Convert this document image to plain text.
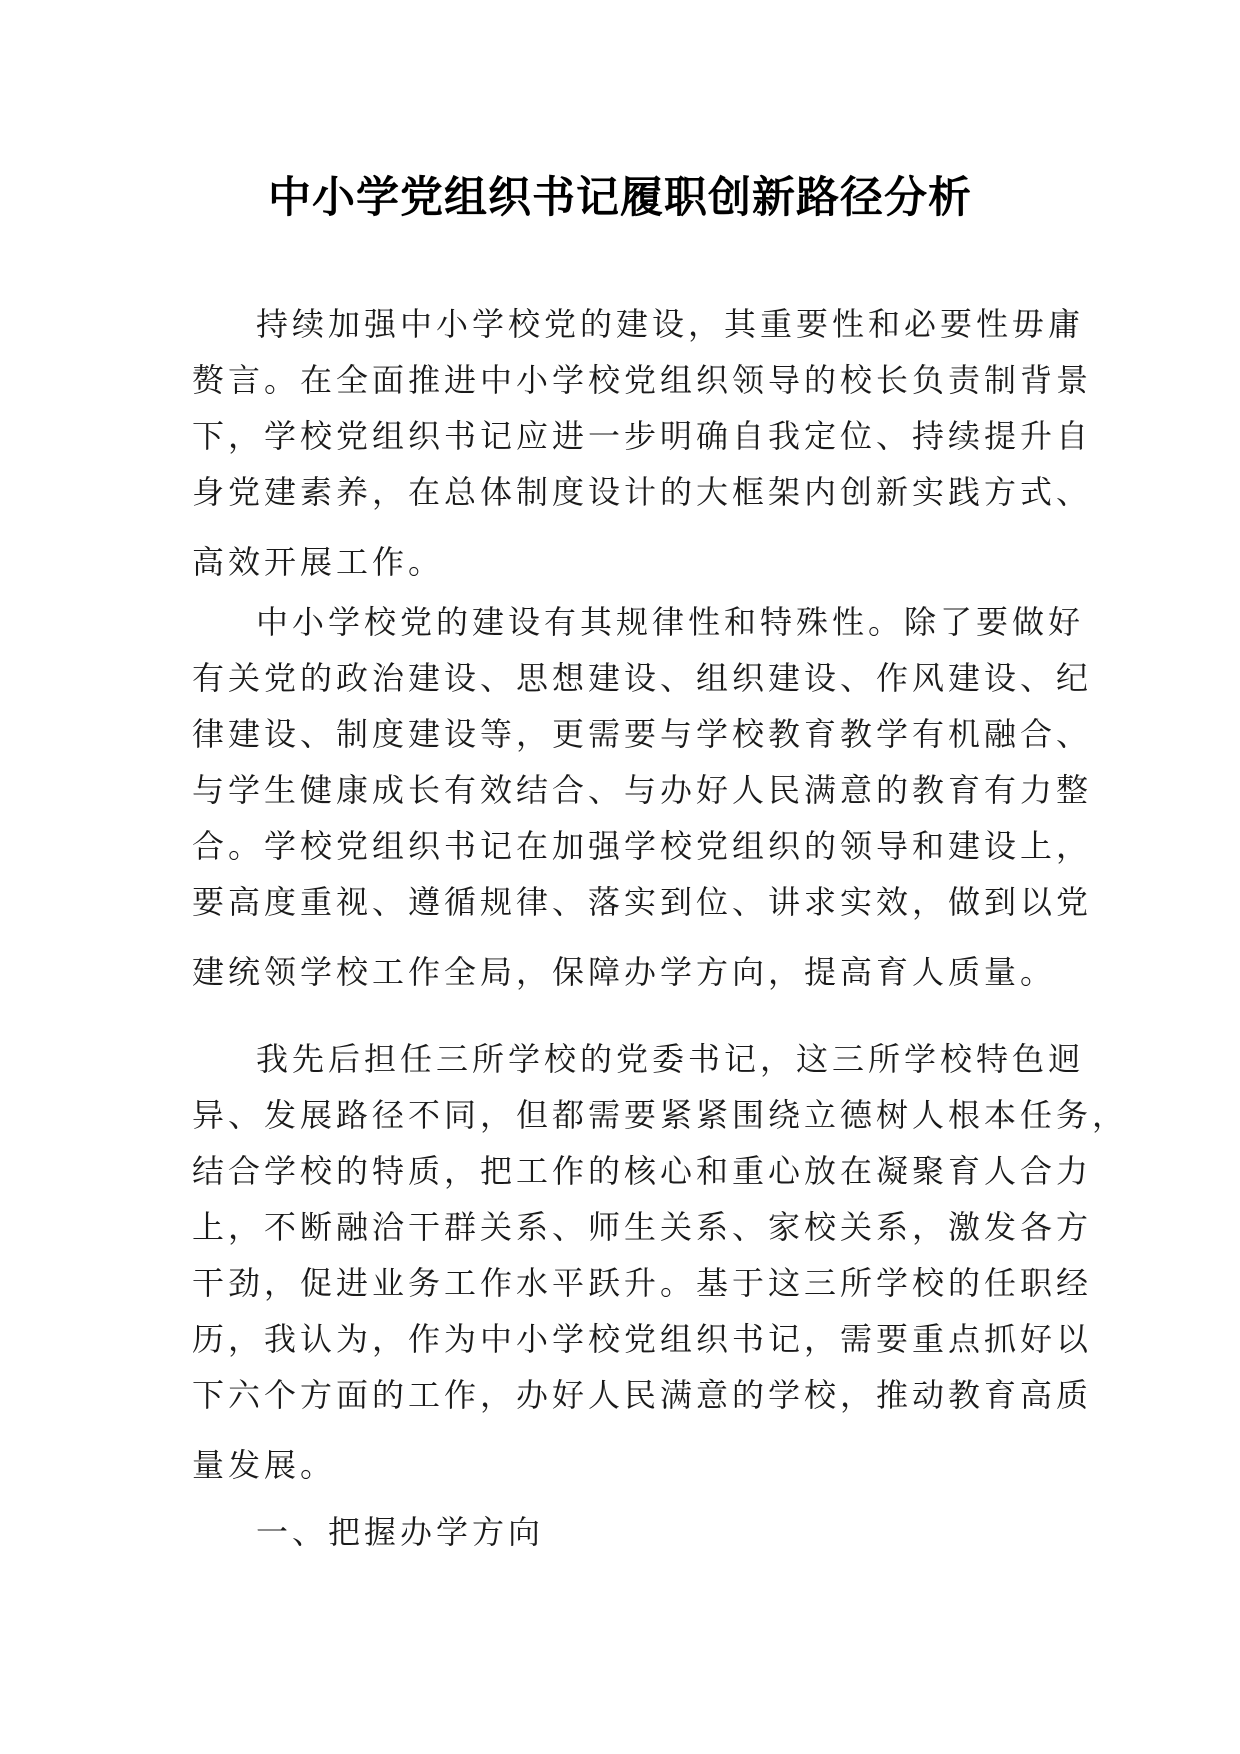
中小学党组织书记履职创新路径分析
持续加强中小学校党的建设，其重要性和必要性毋庸
赘言。在全面推进中小学校党组织领导的校长负责制背景
下，学校党组织书记应进一步明确自我定位、持续提升自
身党建素养，在总体制度设计的大框架内创新实践方式、
高效开展工作。
中小学校党的建设有其规律性和特殊性。除了要做好
有关党的政治建设、思想建设、组织建设、作风建设、纪
律建设、制度建设等，更需要与学校教育教学有机融合、
与学生健康成长有效结合、与办好人民满意的教育有力整
合。学校党组织书记在加强学校党组织的领导和建设上，
要高度重视、遵循规律、落实到位、讲求实效，做到以党
建统领学校工作全局，保障办学方向，提高育人质量。
我先后担任三所学校的党委书记，这三所学校特色迥
异、发展路径不同，但都需要紧紧围绕立德树人根本任务，
结合学校的特质，把工作的核心和重心放在凝聚育人合力
上，不断融洽干群关系、师生关系、家校关系，激发各方
干劲，促进业务工作水平跃升。基于这三所学校的任职经
历，我认为，作为中小学校党组织书记，需要重点抓好以
下六个方面的工作，办好人民满意的学校，推动教育高质
量发展。
一、把握办学方向
